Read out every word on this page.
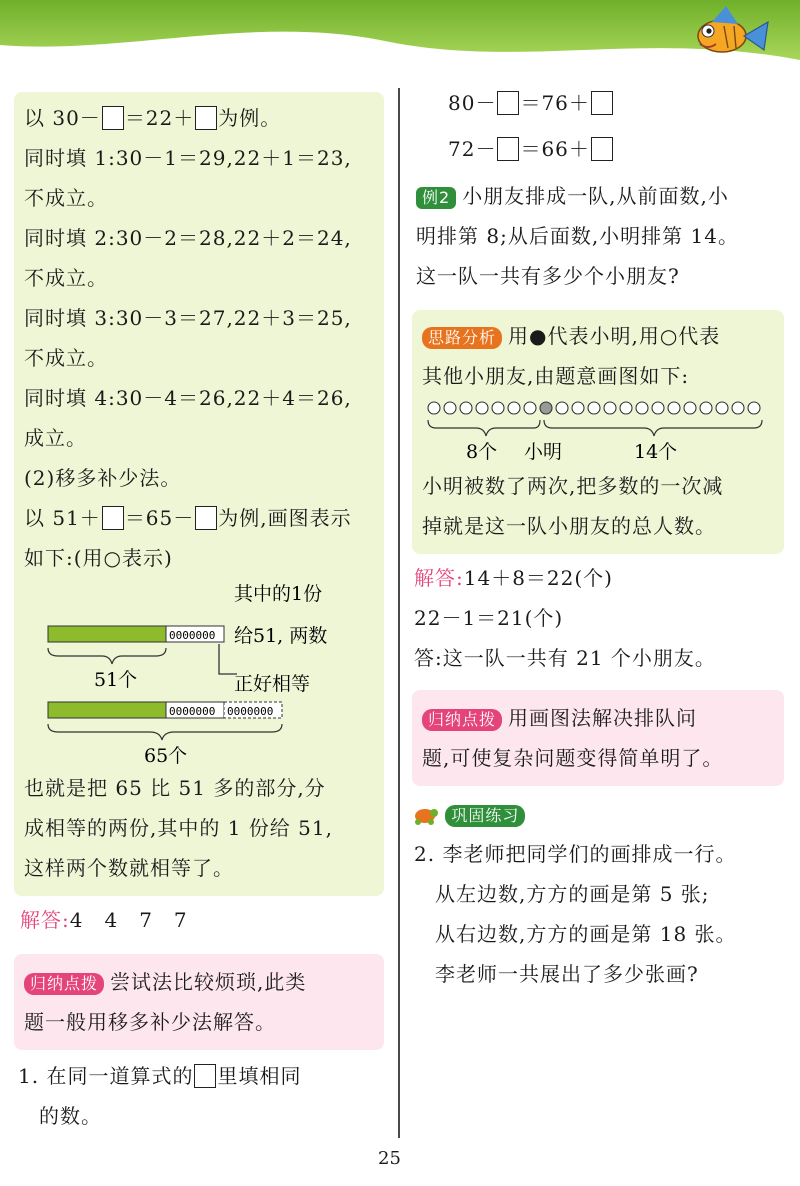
以 30－ ＝22＋ 为例。
同时填 1:30－1＝29,22＋1＝23,
不成立。
同时填 2:30－2＝28,22＋2＝24,
不成立。
同时填 3:30－3＝27,22＋3＝25,
不成立。
同时填 4:30－4＝26,22＋4＝26,
成立。
(2)移多补少法。
以 51＋ ＝65－ 为例,画图表示
如下:(用○表示)
其中的1份
0000000 给51, 两数
51个	正好相等
0000000 0000000
65个
也就是把 65 比 51 多的部分,分
成相等的两份,其中的 1 份给 51,
这样两个数就相等了。
解答:4　4　7　7
归纳点拨 尝试法比较烦琐,此类
题一般用移多补少法解答。
1. 在同一道算式的 里填相同
　的数。
80－ ＝76＋
72－ ＝66＋
例2 小朋友排成一队,从前面数,小
明排第 8;从后面数,小明排第 14。
这一队一共有多少个小朋友?
思路分析 用●代表小明,用○代表
其他小朋友,由题意画图如下:
8个 小明	14个
小明被数了两次,把多数的一次减
掉就是这一队小朋友的总人数。
解答:14＋8＝22(个)
22－1＝21(个)
答:这一队一共有 21 个小朋友。
归纳点拨 用画图法解决排队问
题,可使复杂问题变得简单明了。
巩固练习
2. 李老师把同学们的画排成一行。
　从左边数,方方的画是第 5 张;
　从右边数,方方的画是第 18 张。
　李老师一共展出了多少张画?
25
